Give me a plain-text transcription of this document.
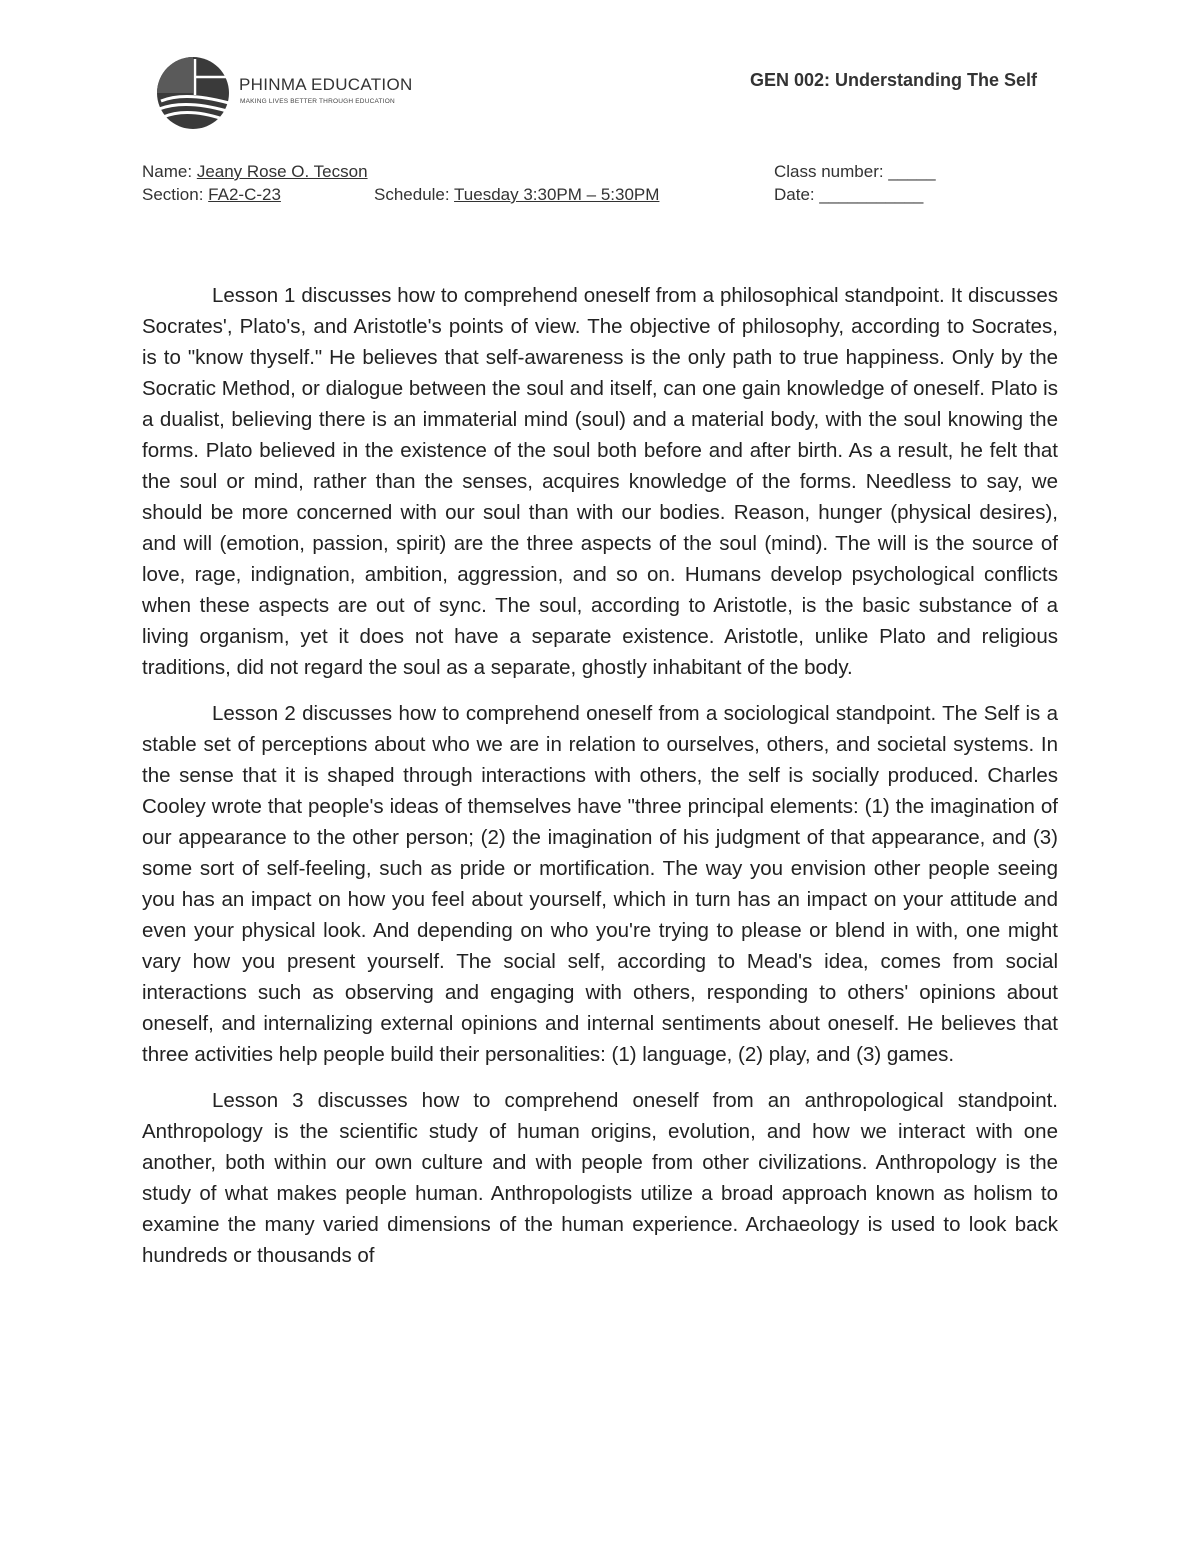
PHINMA EDUCATION
MAKING LIVES BETTER THROUGH EDUCATION
GEN 002: Understanding The Self
Name: Jeany Rose O. Tecson
Section: FA2-C-23	Schedule: Tuesday 3:30PM – 5:30PM
Class number: _____
Date: ___________

Lesson 1 discusses how to comprehend oneself from a philosophical standpoint. It discusses Socrates', Plato's, and Aristotle's points of view. The objective of philosophy, according to Socrates, is to "know thyself." He believes that self-awareness is the only path to true happiness. Only by the Socratic Method, or dialogue between the soul and itself, can one gain knowledge of oneself. Plato is a dualist, believing there is an immaterial mind (soul) and a material body, with the soul knowing the forms. Plato believed in the existence of the soul both before and after birth. As a result, he felt that the soul or mind, rather than the senses, acquires knowledge of the forms. Needless to say, we should be more concerned with our soul than with our bodies. Reason, hunger (physical desires), and will (emotion, passion, spirit) are the three aspects of the soul (mind). The will is the source of love, rage, indignation, ambition, aggression, and so on. Humans develop psychological conflicts when these aspects are out of sync. The soul, according to Aristotle, is the basic substance of a living organism, yet it does not have a separate existence. Aristotle, unlike Plato and religious traditions, did not regard the soul as a separate, ghostly inhabitant of the body.

Lesson 2 discusses how to comprehend oneself from a sociological standpoint. The Self is a stable set of perceptions about who we are in relation to ourselves, others, and societal systems. In the sense that it is shaped through interactions with others, the self is socially produced. Charles Cooley wrote that people's ideas of themselves have "three principal elements: (1) the imagination of our appearance to the other person; (2) the imagination of his judgment of that appearance, and (3) some sort of self-feeling, such as pride or mortification. The way you envision other people seeing you has an impact on how you feel about yourself, which in turn has an impact on your attitude and even your physical look. And depending on who you're trying to please or blend in with, one might vary how you present yourself. The social self, according to Mead's idea, comes from social interactions such as observing and engaging with others, responding to others' opinions about oneself, and internalizing external opinions and internal sentiments about oneself. He believes that three activities help people build their personalities: (1) language, (2) play, and (3) games.

Lesson 3 discusses how to comprehend oneself from an anthropological standpoint. Anthropology is the scientific study of human origins, evolution, and how we interact with one another, both within our own culture and with people from other civilizations. Anthropology is the study of what makes people human. Anthropologists utilize a broad approach known as holism to examine the many varied dimensions of the human experience. Archaeology is used to look back hundreds or thousands of
